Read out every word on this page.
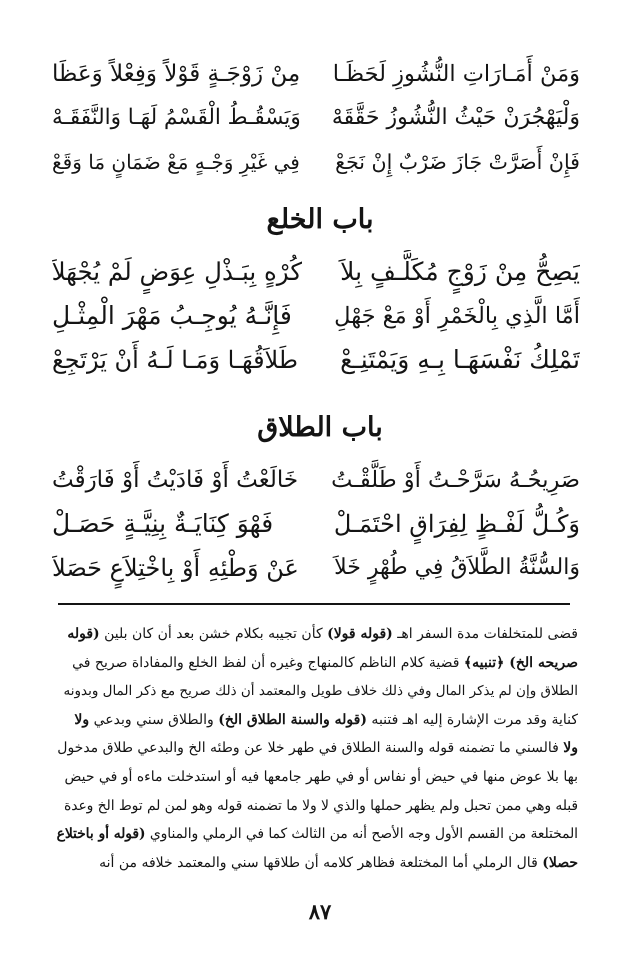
وَمَنْ أَمَـارَاتِ النُّشُوزِ لَحَظَـا
مِنْ زَوْجَـةٍ قَوْلاً وَفِعْلاً وَعَظَا
وَلْيَهْجُرَنْ حَيْثُ النُّشُوزُ حَقَّقَهْ
وَيَسْقُـطُ الْقَسْمُ لَهَـا وَالنَّفَقَـهْ
فَإِنْ أَصَرَّتْ جَازَ ضَرْبٌ إِنْ نَجَعْ
فِي غَيْرِ وَجْـهٍ مَعْ ضَمَانٍ مَا وَقَعْ
باب الخلع
يَصِحُّ مِنْ زَوْجٍ مُكَلَّـفٍ بِلاَ
كُرْهٍ بِبَـذْلِ عِوَضٍ لَمْ يُجْهَلاَ
أَمَّا الَّذِي بِالْخَمْرِ أَوْ مَعْ جَهْلِ
فَإِنَّـهُ يُوجِـبُ مَهْرَ الْمِثْـلِ
تَمْلِكُ نَفْسَهَـا بِـهِ وَيَمْتَنِـعْ
طَلاَقُهَـا وَمَـا لَـهُ أَنْ يَرْتَجِعْ
باب الطلاق
صَرِيحُـهُ سَرَّحْـتُ أَوْ طَلَّقْـتُ
خَالَعْتُ أَوْ فَادَيْتُ أَوْ فَارَقْتُ
وَكُـلُّ لَفْـظٍ لِفِرَاقٍ احْتَمَـلْ
فَهْوَ كِنَايَـةٌ بِنِيَّـةٍ حَصَـلْ
وَالسُّنَّةُ الطَّلاَقُ فِي طُهْرٍ خَلاَ
عَنْ وَطْئِهِ أَوْ بِاخْتِلاَعٍ حَصَلاَ
قضى للمتخلفات مدة السفر اهـ (قوله قولا) كأن تجيبه بكلام خشن بعد أن كان بلين (قوله
صريحه الخ) ﴿تنبيه﴾ قضية كلام الناظم كالمنهاج وغيره أن لفظ الخلع والمفاداة صريح في
الطلاق وإن لم يذكر المال وفي ذلك خلاف طويل والمعتمد أن ذلك صريح مع ذكر المال وبدونه
كناية وقد مرت الإشارة إليه اهـ فتنبه (قوله والسنة الطلاق الخ) والطلاق سني وبدعي ولا
ولا فالسني ما تضمنه قوله والسنة الطلاق في طهر خلا عن وطئه الخ والبدعي طلاق مدخول
بها بلا عوض منها في حيض أو نفاس أو في طهر جامعها فيه أو استدخلت ماءه أو في حيض
قبله وهي ممن تحبل ولم يظهر حملها والذي لا ولا ما تضمنه قوله وهو لمن لم توط الخ وعدة
المختلعة من القسم الأول وجه الأصح أنه من الثالث كما في الرملي والمناوي (قوله أو باختلاع
حصلا) قال الرملي أما المختلعة فظاهر كلامه أن طلاقها سني والمعتمد خلافه من أنه
٨٧
